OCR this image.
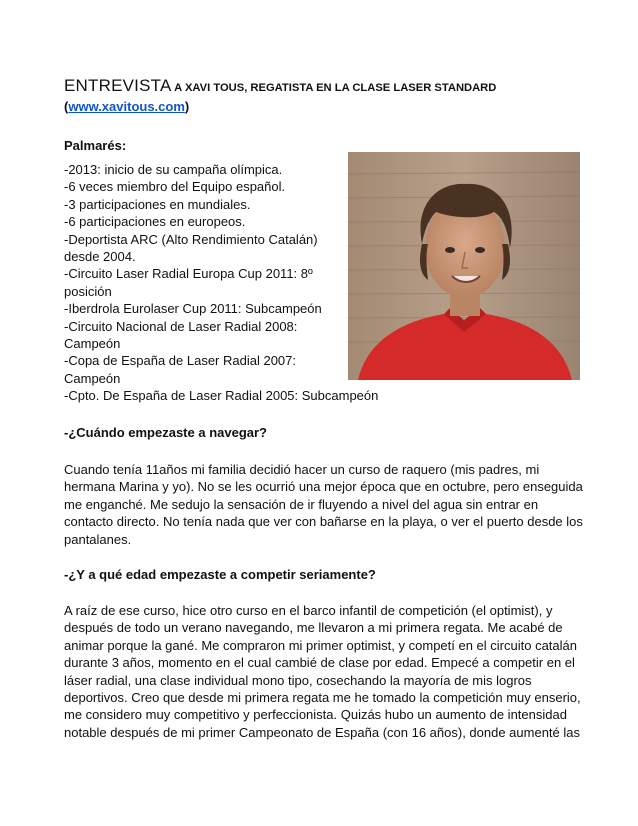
ENTREVISTA A XAVI TOUS, REGATISTA EN LA CLASE LASER STANDARD
(www.xavitous.com)
Palmarés:
-2013: inicio de su campaña olímpica.
-6 veces miembro del Equipo español.
-3 participaciones en mundiales.
-6 participaciones en europeos.
-Deportista ARC (Alto Rendimiento Catalán)
desde 2004.
-Circuito Laser Radial Europa Cup 2011: 8º
posición
-Iberdrola Eurolaser Cup 2011: Subcampeón
-Circuito Nacional de Laser Radial 2008:
Campeón
-Copa de España de Laser Radial 2007:
Campeón
-Cpto. De España de Laser Radial 2005: Subcampeón
-¿Cuándo empezaste a navegar?
Cuando tenía 11años mi familia decidió hacer un curso de raquero (mis padres, mi
hermana Marina y yo). No se les ocurrió una mejor época que en octubre, pero enseguida
me enganché. Me sedujo la sensación de ir fluyendo a nivel del agua sin entrar en
contacto directo. No tenía nada que ver con bañarse en la playa, o ver el puerto desde los
pantalanes.
-¿Y a qué edad empezaste a competir seriamente?
A raíz de ese curso, hice otro curso en el barco infantil de competición (el optimist), y
después de todo un verano navegando, me llevaron a mi primera regata. Me acabé de
animar porque la gané. Me compraron mi primer optimist, y competí en el circuito catalán
durante 3 años, momento en el cual cambié de clase por edad. Empecé a competir en el
láser radial, una clase individual mono tipo, cosechando la mayoría de mis logros
deportivos. Creo que desde mi primera regata me he tomado la competición muy enserio,
me considero muy competitivo y perfeccionista. Quizás hubo un aumento de intensidad
notable después de mi primer Campeonato de España (con 16 años), donde aumenté las
